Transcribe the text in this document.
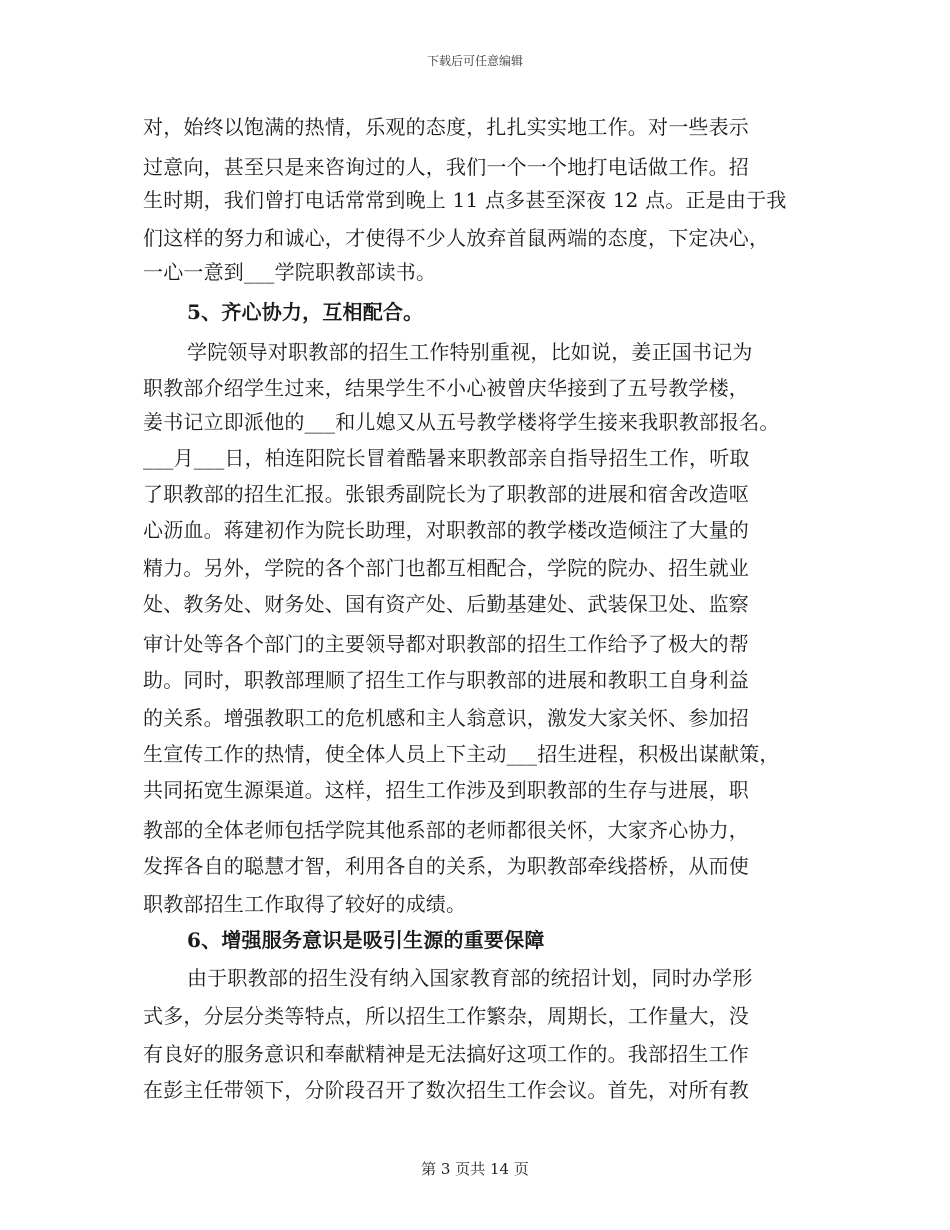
下载后可任意编辑
对，始终以饱满的热情，乐观的态度，扎扎实实地工作。对一些表示
过意向，甚至只是来咨询过的人，我们一个一个地打电话做工作。招
生时期，我们曾打电话常常到晚上 11 点多甚至深夜 12 点。正是由于我
们这样的努力和诚心，才使得不少人放弃首鼠两端的态度，下定决心，
一心一意到___学院职教部读书。
5、齐心协力，互相配合。
学院领导对职教部的招生工作特别重视，比如说，姜正国书记为
职教部介绍学生过来，结果学生不小心被曾庆华接到了五号教学楼，
姜书记立即派他的___和儿媳又从五号教学楼将学生接来我职教部报名。
___月___日，柏连阳院长冒着酷暑来职教部亲自指导招生工作，听取
了职教部的招生汇报。张银秀副院长为了职教部的进展和宿舍改造呕
心沥血。蒋建初作为院长助理，对职教部的教学楼改造倾注了大量的
精力。另外，学院的各个部门也都互相配合，学院的院办、招生就业
处、教务处、财务处、国有资产处、后勤基建处、武装保卫处、监察
审计处等各个部门的主要领导都对职教部的招生工作给予了极大的帮
助。同时，职教部理顺了招生工作与职教部的进展和教职工自身利益
的关系。增强教职工的危机感和主人翁意识，激发大家关怀、参加招
生宣传工作的热情，使全体人员上下主动___招生进程，积极出谋献策，
共同拓宽生源渠道。这样，招生工作涉及到职教部的生存与进展，职
教部的全体老师包括学院其他系部的老师都很关怀，大家齐心协力，
发挥各自的聪慧才智，利用各自的关系，为职教部牵线搭桥，从而使
职教部招生工作取得了较好的成绩。
6、增强服务意识是吸引生源的重要保障
由于职教部的招生没有纳入国家教育部的统招计划，同时办学形
式多，分层分类等特点，所以招生工作繁杂，周期长，工作量大，没
有良好的服务意识和奉献精神是无法搞好这项工作的。我部招生工作
在彭主任带领下，分阶段召开了数次招生工作会议。首先，对所有教
第 3 页共 14 页
